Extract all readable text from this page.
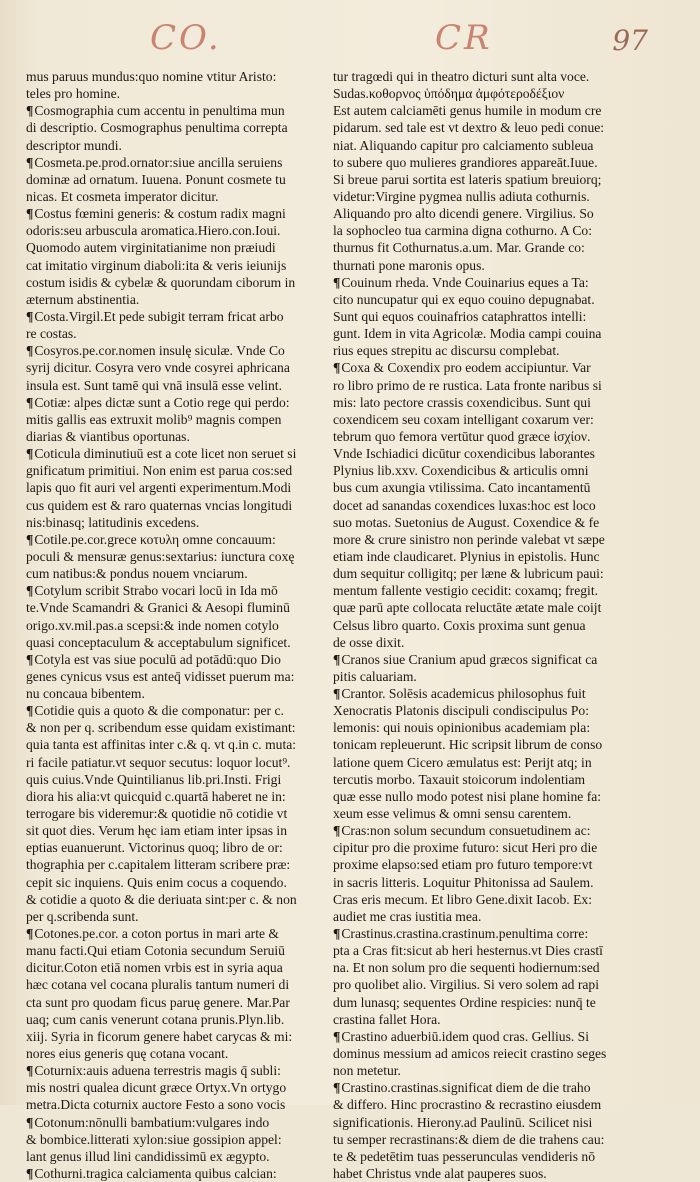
CO.	CR	97
mus paruus mundus:quo nomine vtitur Aristo:
teles pro homine.
¶Cosmographia cum accentu in penultima mun
di descriptio. Cosmographus penultima correpta
descriptor mundi.
¶Cosmeta.pe.prod.ornator:siue ancilla seruiens
dominæ ad ornatum. Iuuena. Ponunt cosmete tu
nicas. Et cosmeta imperator dicitur.
¶Costus fœmini generis: & costum radix magni
odoris:seu arbuscula aromatica.Hiero.con.Ioui.
Quomodo autem virginitatianime non præiudi
cat imitatio virginum diaboli:ita & veris ieiunijs
costum isidis & cybelæ & quorundam ciborum in
æternum abstinentia.
¶Costa.Virgil.Et pede subigit terram fricat arbo
re costas.
¶Cosyros.pe.cor.nomen insulę siculæ. Vnde Co
syrij dicitur. Cosyra vero vnde cosyrei aphricana
insula est. Sunt tamē qui vnā insulā esse velint.
¶Cotiæ: alpes dictæ sunt a Cotio rege qui perdo:
mitis gallis eas extruxit molib⁹ magnis compen
diarias & viantibus oportunas.
¶Coticula diminutiuū est a cote licet non seruet si
gnificatum primitiui. Non enim est parua cos:sed
lapis quo fit auri vel argenti experimentum.Modi
cus quidem est & raro quaternas vncias longitudi
nis:binasq; latitudinis excedens.
¶Cotile.pe.cor.grece κοτυλη omne concauum:
poculi & mensuræ genus:sextarius: iunctura coxę
cum natibus:& pondus nouem vnciarum.
¶Cotylum scribit Strabo vocari locū in Ida mō
te.Vnde Scamandri & Granici & Aesopi fluminū
origo.xv.mil.pas.a scepsi:& inde nomen cotylo
quasi conceptaculum & acceptabulum significet.
¶Cotyla est vas siue poculū ad potādū:quo Dio
genes cynicus vsus est anteq̄ vidisset puerum ma:
nu concaua bibentem.
¶Cotidie quis a quoto & die componatur: per c.
& non per q. scribendum esse quidam existimant:
quia tanta est affinitas inter c.& q. vt q.in c. muta:
ri facile patiatur.vt sequor secutus: loquor locut⁹.
quis cuius.Vnde Quintilianus lib.pri.Insti. Frigi
diora his alia:vt quicquid c.quartā haberet ne in:
terrogare bis videremur:& quotidie nō cotidie vt
sit quot dies. Verum hęc iam etiam inter ipsas in
eptias euanuerunt. Victorinus quoq; libro de or:
thographia per c.capitalem litteram scribere præ:
cepit sic inquiens. Quis enim cocus a coquendo.
& cotidie a quoto & die deriuata sint:per c. & non
per q.scribenda sunt.
¶Cotones.pe.cor. a coton portus in mari arte &
manu facti.Qui etiam Cotonia secundum Seruiū
dicitur.Coton etiā nomen vrbis est in syria aqua
hæc cotana vel cocana pluralis tantum numeri di
cta sunt pro quodam ficus paruę genere. Mar.Par
uaq; cum canis venerunt cotana prunis.Plyn.lib.
xiij. Syria in ficorum genere habet carycas & mi:
nores eius generis quę cotana vocant.
¶Coturnix:auis aduena terrestris magis q̄ subli:
mis nostri qualea dicunt græce Ortyx.Vn ortygo
metra.Dicta coturnix auctore Festo a sono vocis
¶Cotonum:nōnulli bambatium:vulgares indo
& bombice.litterati xylon:siue gossipion appel:
lant genus illud lini candidissimū ex ægypto.
¶Cothurni.tragica calciamenta quibus calcian:
tur tragœdi qui in theatro dicturi sunt alta voce.
Sudas.κοθορνος ὑπόδημα ἀμφότεροδέξιον
Est autem calciamēti genus humile in modum cre
pidarum. sed tale est vt dextro & leuo pedi conue:
niat. Aliquando capitur pro calciamento subleua
to subere quo mulieres grandiores appareāt.Iuue.
Si breue parui sortita est lateris spatium breuiorq;
videtur:Virgine pygmea nullis adiuta cothurnis.
Aliquando pro alto dicendi genere. Virgilius. So
la sophocleo tua carmina digna cothurno. A Co:
thurnus fit Cothurnatus.a.um. Mar. Grande co:
thurnati pone maronis opus.
¶Couinum rheda. Vnde Couinarius eques a Ta:
cito nuncupatur qui ex equo couino depugnabat.
Sunt qui equos couinafrios cataphrattos intelli:
gunt. Idem in vita Agricolæ. Modia campi couina
rius eques strepitu ac discursu complebat.
¶Coxa & Coxendix pro eodem accipiuntur. Var
ro libro primo de re rustica. Lata fronte naribus si
mis: lato pectore crassis coxendicibus. Sunt qui
coxendicem seu coxam intelligant coxarum ver:
tebrum quo femora vertūtur quod græce ἰσχίον.
Vnde Ischiadici dicūtur coxendicibus laborantes
Plynius lib.xxv. Coxendicibus & articulis omni
bus cum axungia vtilissima. Cato incantamentū
docet ad sanandas coxendices luxas:hoc est loco
suo motas. Suetonius de August. Coxendice & fe
more & crure sinistro non perinde valebat vt sæpe
etiam inde claudicaret. Plynius in epistolis. Hunc
dum sequitur colligitq; per læne & lubricum paui:
mentum fallente vestigio cecidit: coxamq; fregit.
quæ parū apte collocata reluctāte ætate male coijt
Celsus libro quarto. Coxis proxima sunt genua
de osse dixit.
¶Cranos siue Cranium apud græcos significat ca
pitis caluariam.
¶Crantor. Solēsis academicus philosophus fuit
Xenocratis Platonis discipuli condiscipulus Po:
lemonis: qui nouis opinionibus academiam pla:
tonicam repleuerunt. Hic scripsit librum de conso
latione quem Cicero æmulatus est: Perijt atq; in
tercutis morbo. Taxauit stoicorum indolentiam
quæ esse nullo modo potest nisi plane homine fa:
xeum esse velimus & omni sensu carentem.
¶Cras:non solum secundum consuetudinem ac:
cipitur pro die proxime futuro: sicut Heri pro die
proxime elapso:sed etiam pro futuro tempore:vt
in sacris litteris. Loquitur Phitonissa ad Saulem.
Cras eris mecum. Et libro Gene.dixit Iacob. Ex:
audiet me cras iustitia mea.
¶Crastinus.crastina.crastinum.penultima corre:
pta a Cras fit:sicut ab heri hesternus.vt Dies crastī
na. Et non solum pro die sequenti hodiernum:sed
pro quolibet alio. Virgilius. Si vero solem ad rapi
dum lunasq; sequentes Ordine respicies: nunq̄ te
crastina fallet Hora.
¶Crastino aduerbiū.idem quod cras. Gellius. Si
dominus messium ad amicos reiecit crastino seges
non metetur.
¶Crastino.crastinas.significat diem de die traho
& differo. Hinc procrastino & recrastino eiusdem
significationis. Hierony.ad Paulinū. Scilicet nisi
tu semper recrastinans:& diem de die trahens cau:
te & pedetētim tuas pesserunculas vendideris nō
habet Christus vnde alat pauperes suos.
